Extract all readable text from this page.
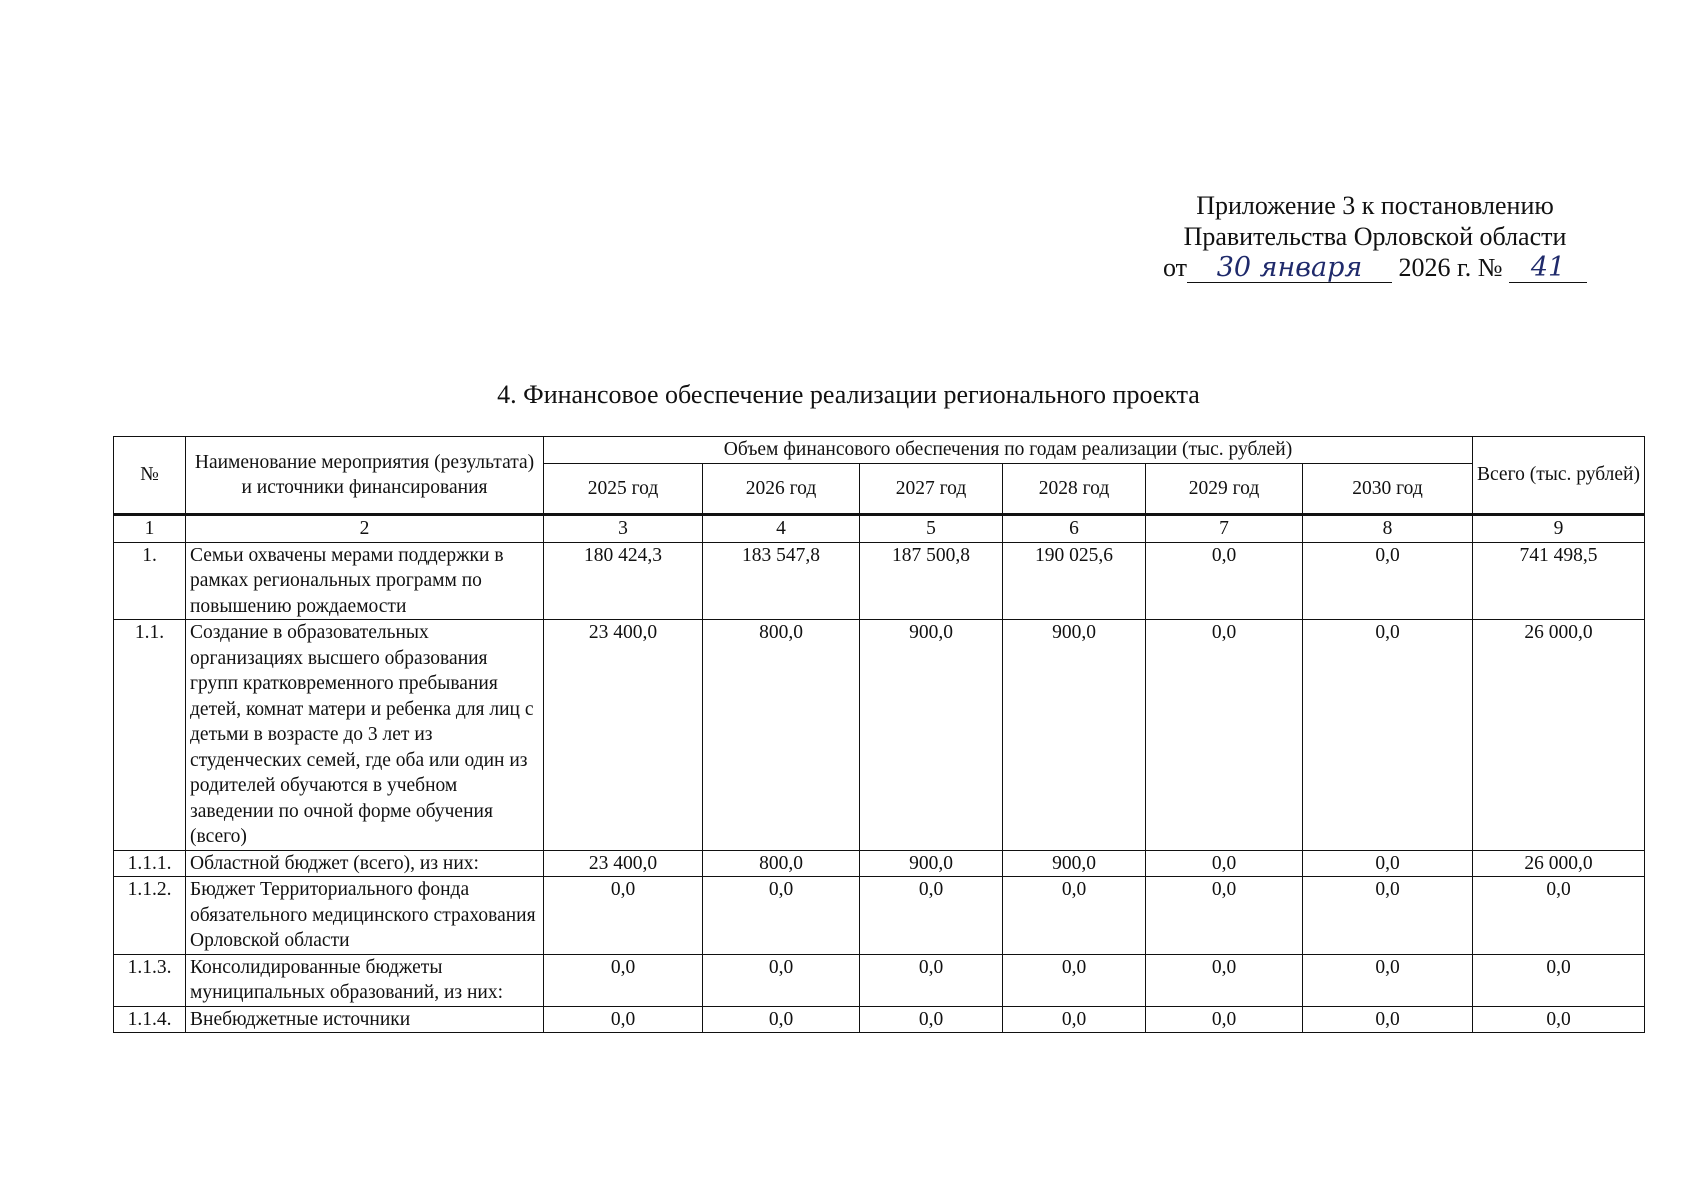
Приложение 3 к постановлению
Правительства Орловской области
от 30 января 2026 г. № 41
4. Финансовое обеспечение реализации регионального проекта
№	Наименование мероприятия (результата) и источники финансирования	Объем финансового обеспечения по годам реализации (тыс. рублей)						Всего (тыс. рублей)
		2025 год	2026 год	2027 год	2028 год	2029 год	2030 год	
1	2	3	4	5	6	7	8	9
1.	Семьи охвачены мерами поддержки в рамках региональных программ по повышению рождаемости	180 424,3	183 547,8	187 500,8	190 025,6	0,0	0,0	741 498,5
1.1.	Создание в образовательных организациях высшего образования групп кратковременного пребывания детей, комнат матери и ребенка для лиц с детьми в возрасте до 3 лет из студенческих семей, где оба или один из родителей обучаются в учебном заведении по очной форме обучения (всего)	23 400,0	800,0	900,0	900,0	0,0	0,0	26 000,0
1.1.1.	Областной бюджет (всего), из них:	23 400,0	800,0	900,0	900,0	0,0	0,0	26 000,0
1.1.2.	Бюджет Территориального фонда обязательного медицинского страхования Орловской области	0,0	0,0	0,0	0,0	0,0	0,0	0,0
1.1.3.	Консолидированные бюджеты муниципальных образований, из них:	0,0	0,0	0,0	0,0	0,0	0,0	0,0
1.1.4.	Внебюджетные источники	0,0	0,0	0,0	0,0	0,0	0,0	0,0
